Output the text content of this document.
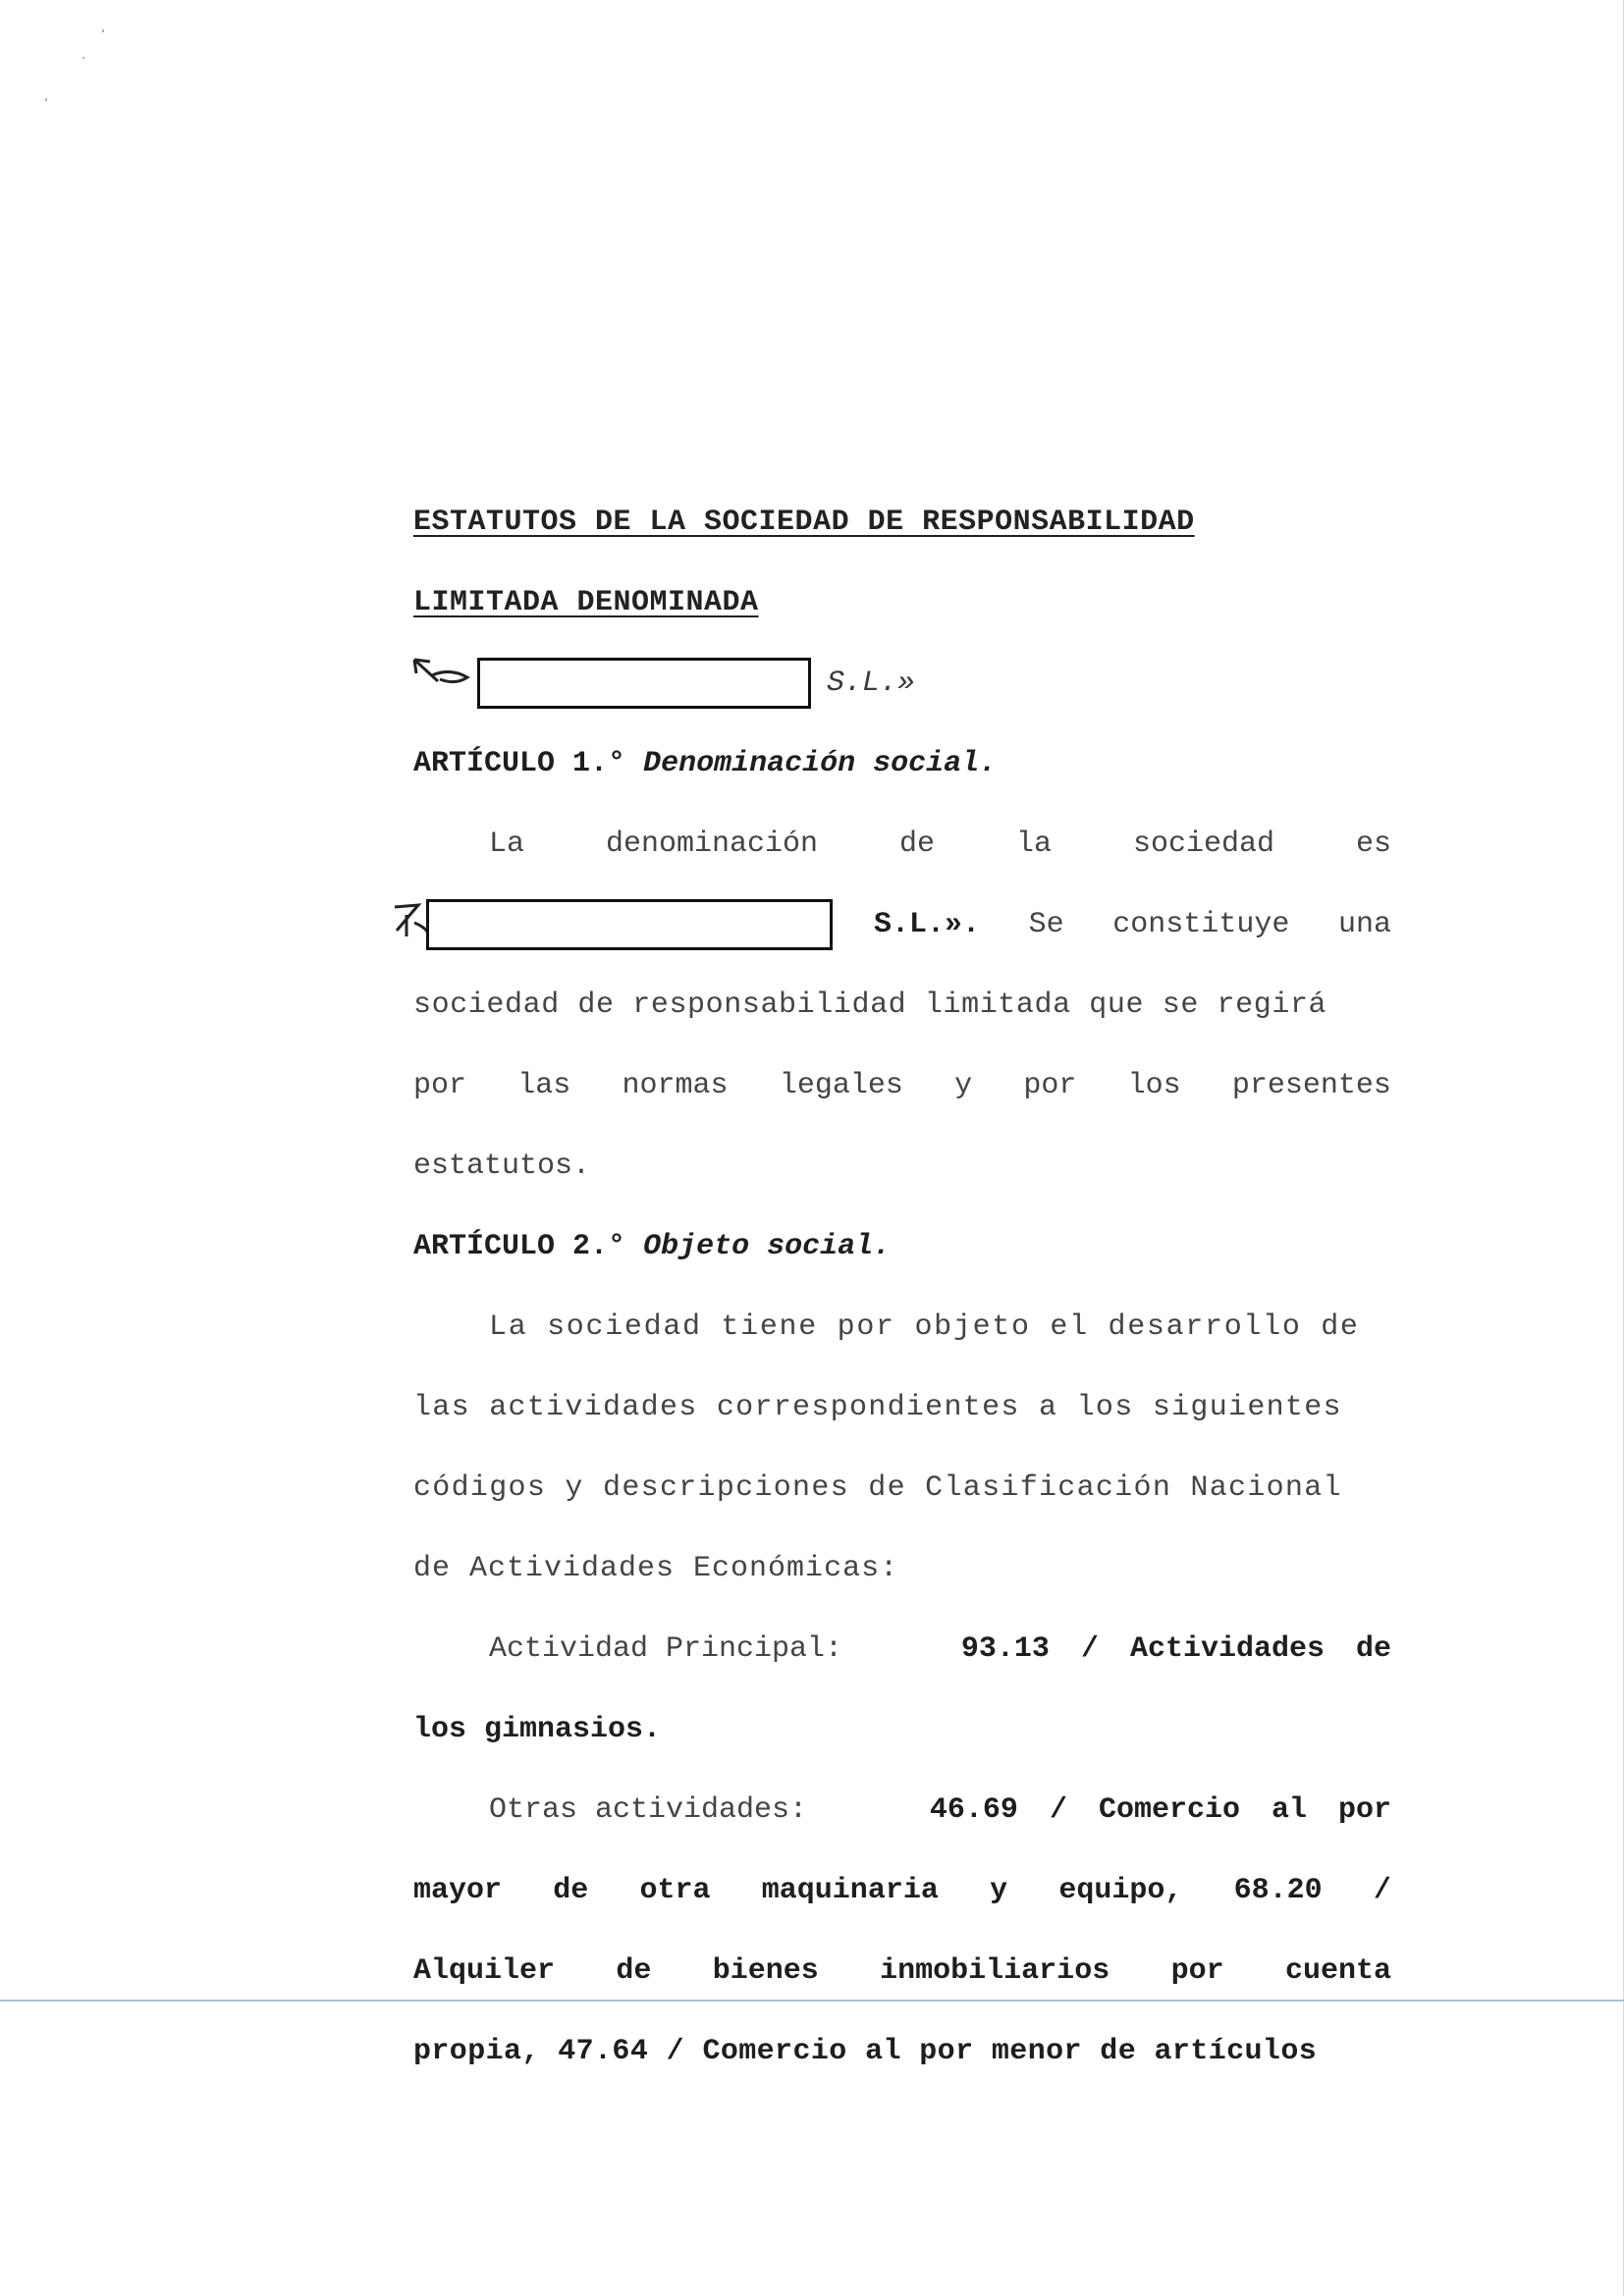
ESTATUTOS DE LA SOCIEDAD DE RESPONSABILIDAD
LIMITADA DENOMINADA
S.L.»
ARTÍCULO 1.° Denominación social.
La	denominación	de	la	sociedad	es
S.L.». Se constituye una
sociedad de responsabilidad limitada que se regirá
por las normas legales y por los presentes
estatutos.
ARTÍCULO 2.° Objeto social.
La sociedad tiene por objeto el desarrollo de
las actividades correspondientes a los siguientes
códigos y descripciones de Clasificación Nacional
de Actividades Económicas:
Actividad Principal:	93.13 / Actividades de
los gimnasios.
Otras actividades:	46.69 / Comercio al por
mayor de otra maquinaria y equipo, 68.20 /
Alquiler de bienes inmobiliarios por cuenta
propia, 47.64 / Comercio al por menor de artículos
